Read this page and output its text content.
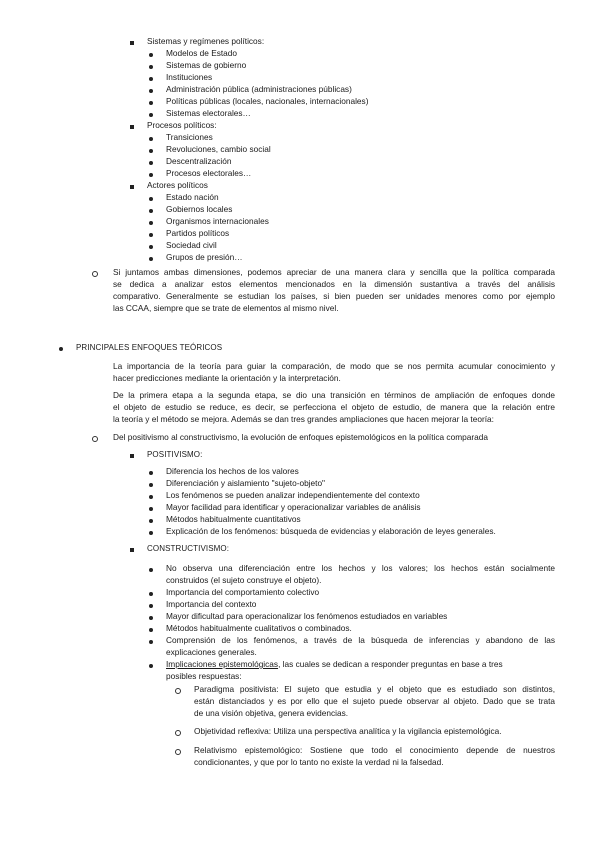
Sistemas y regímenes políticos:
Modelos de Estado
Sistemas de gobierno
Instituciones
Administración pública (administraciones públicas)
Políticas públicas (locales, nacionales, internacionales)
Sistemas electorales…
Procesos políticos:
Transiciones
Revoluciones, cambio social
Descentralización
Procesos electorales…
Actores políticos
Estado nación
Gobiernos locales
Organismos internacionales
Partidos políticos
Sociedad civil
Grupos de presión…
Si juntamos ambas dimensiones, podemos apreciar de una manera clara y sencilla que la política comparada
se dedica a analizar estos elementos mencionados en la dimensión sustantiva a través del análisis
comparativo. Generalmente se estudian los países, si bien pueden ser unidades menores como por ejemplo
las CCAA, siempre que se trate de elementos al mismo nivel.
PRINCIPALES ENFOQUES TEÓRICOS
La importancia de la teoría para guiar la comparación, de modo que se nos permita acumular conocimiento y
hacer predicciones mediante la orientación y la interpretación.
De la primera etapa a la segunda etapa, se dio una transición en términos de ampliación de enfoques donde
el objeto de estudio se reduce, es decir, se perfecciona el objeto de estudio, de manera que la relación entre
la teoría y el método se mejora. Además se dan tres grandes ampliaciones que hacen mejorar la teoría:
Del positivismo al constructivismo, la evolución de enfoques epistemológicos en la política comparada
POSITIVISMO:
Diferencia los hechos de los valores
Diferenciación y aislamiento "sujeto-objeto"
Los fenómenos se pueden analizar independientemente del contexto
Mayor facilidad para identificar y operacionalizar variables de análisis
Métodos habitualmente cuantitativos
Explicación de los fenómenos: búsqueda de evidencias y elaboración de leyes generales.
CONSTRUCTIVISMO:
No observa una diferenciación entre los hechos y los valores; los hechos están socialmente
construidos (el sujeto construye el objeto).
Importancia del comportamiento colectivo
Importancia del contexto
Mayor dificultad para operacionalizar los fenómenos estudiados en variables
Métodos habitualmente cualitativos o combinados.
Comprensión de los fenómenos, a través de la búsqueda de inferencias y abandono de las
explicaciones generales.
Implicaciones epistemológicas, las cuales se dedican a responder preguntas en base a tres
posibles respuestas:
Paradigma positivista: El sujeto que estudia y el objeto que es estudiado son distintos,
están distanciados y es por ello que el sujeto puede observar al objeto. Dado que se trata
de una visión objetiva, genera evidencias.
Objetividad reflexiva: Utiliza una perspectiva analítica y la vigilancia epistemológica.
Relativismo epistemológico: Sostiene que todo el conocimiento depende de nuestros
condicionantes, y que por lo tanto no existe la verdad ni la falsedad.
